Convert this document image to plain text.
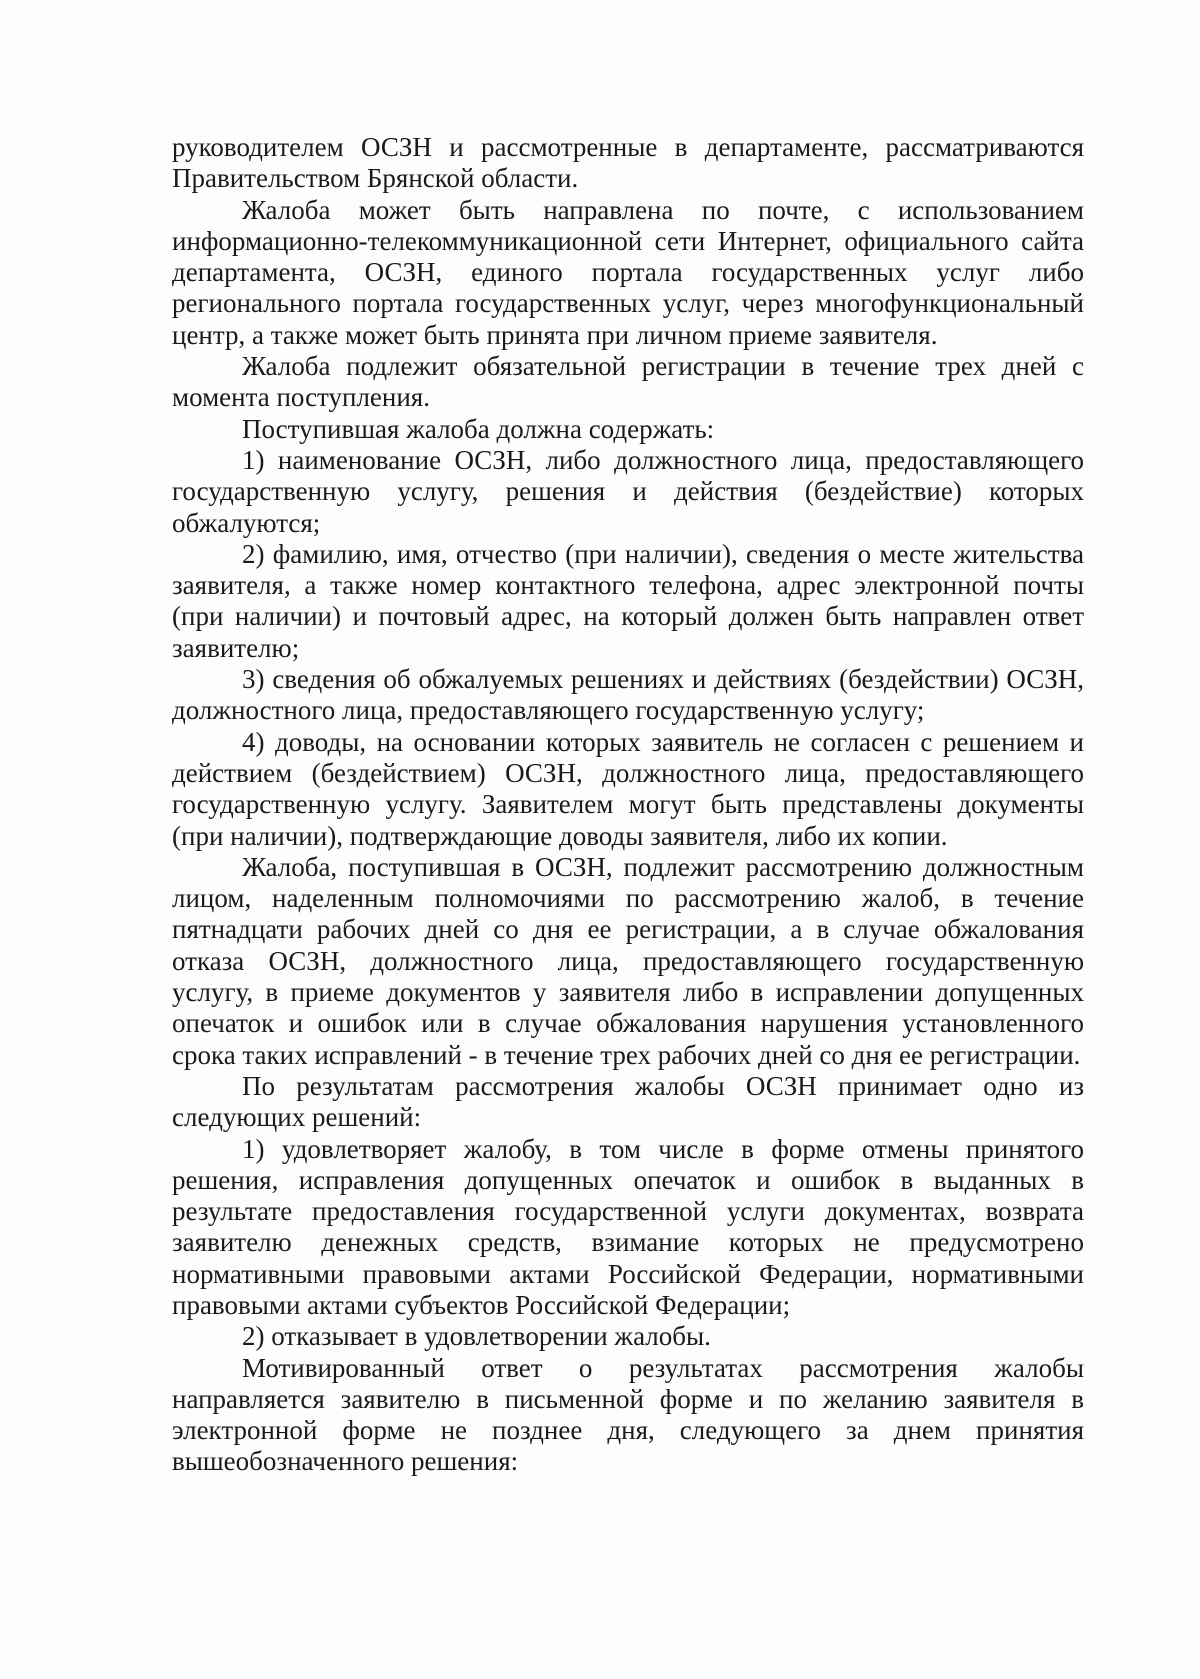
руководителем ОСЗН и рассмотренные в департаменте, рассматриваются Правительством Брянской области.

Жалоба может быть направлена по почте, с использованием информационно-телекоммуникационной сети Интернет, официального сайта департамента, ОСЗН, единого портала государственных услуг либо регионального портала государственных услуг, через многофункциональный центр, а также может быть принята при личном приеме заявителя.

Жалоба подлежит обязательной регистрации в течение трех дней с момента поступления.

Поступившая жалоба должна содержать:

1) наименование ОСЗН, либо должностного лица, предоставляющего государственную услугу, решения и действия (бездействие) которых обжалуются;

2) фамилию, имя, отчество (при наличии), сведения о месте жительства заявителя, а также номер контактного телефона, адрес электронной почты (при наличии) и почтовый адрес, на который должен быть направлен ответ заявителю;

3) сведения об обжалуемых решениях и действиях (бездействии) ОСЗН, должностного лица, предоставляющего государственную услугу;

4) доводы, на основании которых заявитель не согласен с решением и действием (бездействием) ОСЗН, должностного лица, предоставляющего государственную услугу. Заявителем могут быть представлены документы (при наличии), подтверждающие доводы заявителя, либо их копии.

Жалоба, поступившая в ОСЗН, подлежит рассмотрению должностным лицом, наделенным полномочиями по рассмотрению жалоб, в течение пятнадцати рабочих дней со дня ее регистрации, а в случае обжалования отказа ОСЗН, должностного лица, предоставляющего государственную услугу, в приеме документов у заявителя либо в исправлении допущенных опечаток и ошибок или в случае обжалования нарушения установленного срока таких исправлений - в течение трех рабочих дней со дня ее регистрации.

По результатам рассмотрения жалобы ОСЗН принимает одно из следующих решений:

1) удовлетворяет жалобу, в том числе в форме отмены принятого решения, исправления допущенных опечаток и ошибок в выданных в результате предоставления государственной услуги документах, возврата заявителю денежных средств, взимание которых не предусмотрено нормативными правовыми актами Российской Федерации, нормативными правовыми актами субъектов Российской Федерации;

2) отказывает в удовлетворении жалобы.

Мотивированный ответ о результатах рассмотрения жалобы направляется заявителю в письменной форме и по желанию заявителя в электронной форме не позднее дня, следующего за днем принятия вышеобозначенного решения:
